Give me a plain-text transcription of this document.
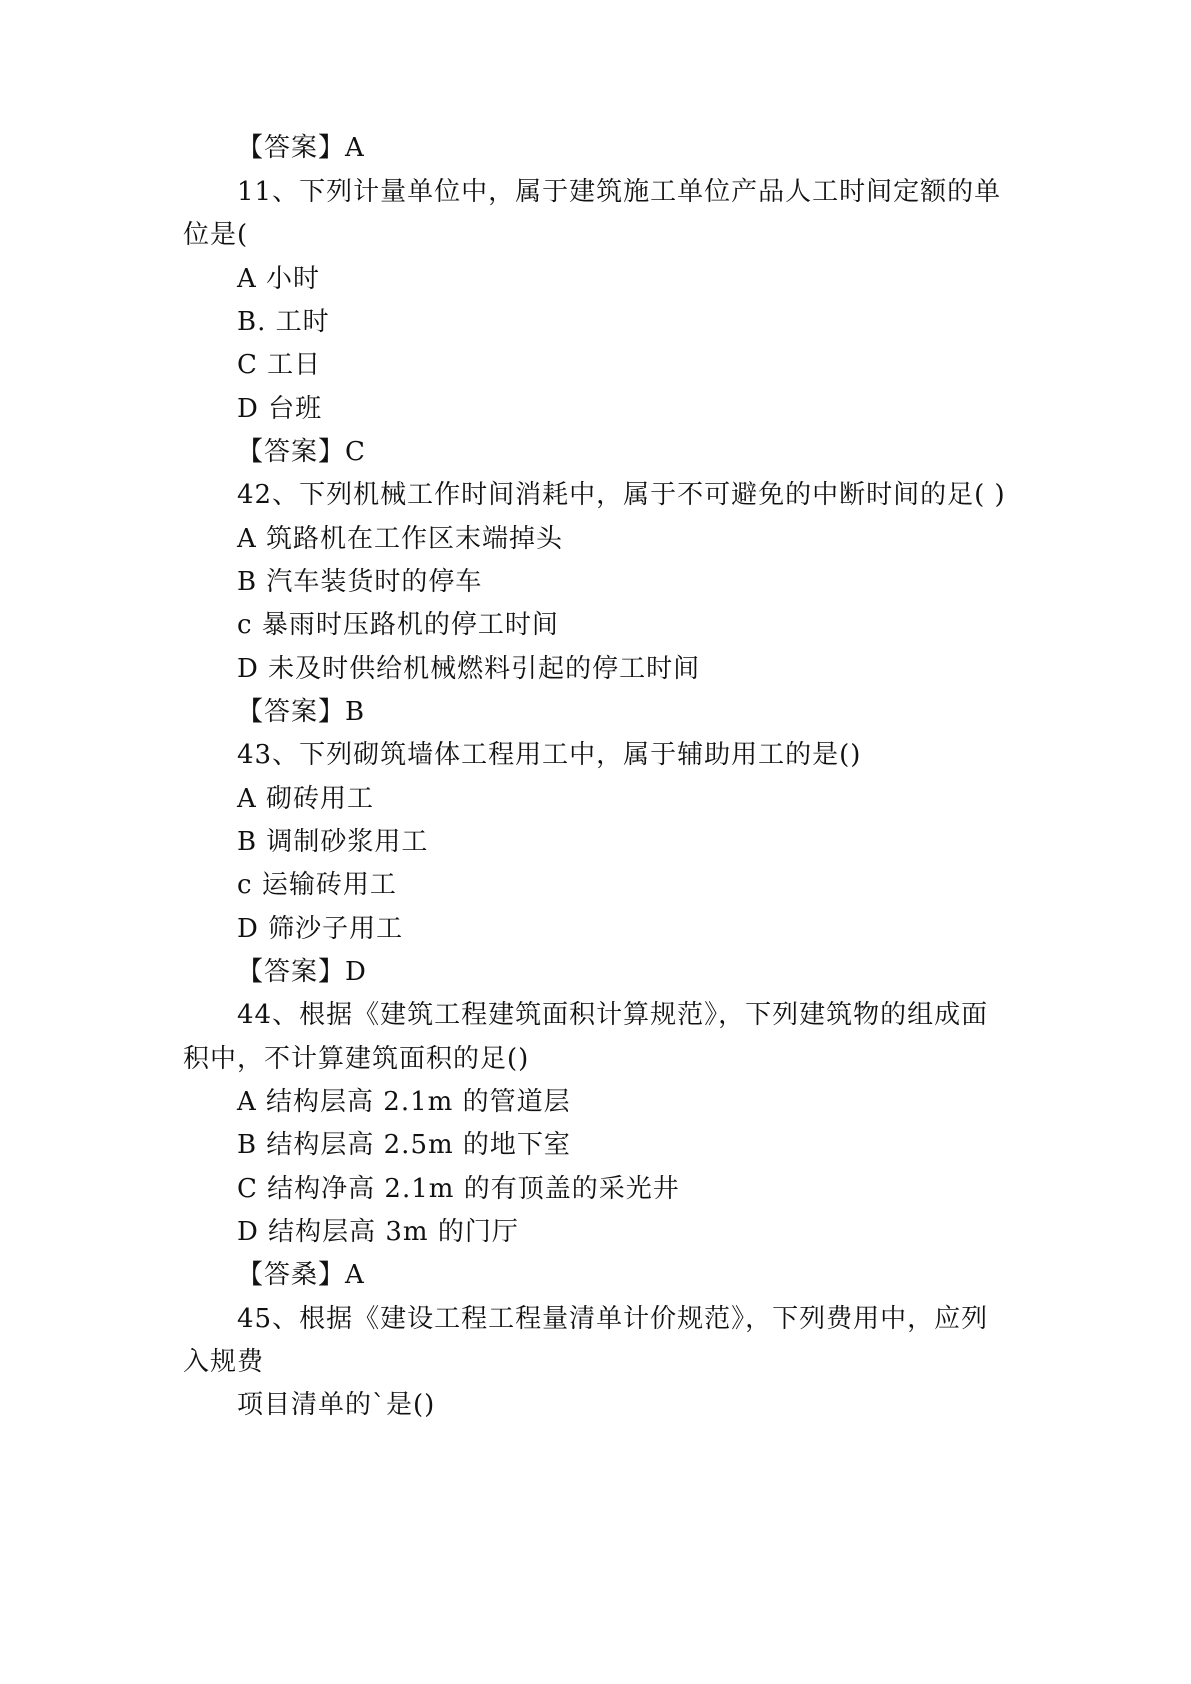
【答案】A
11、下列计量单位中，属于建筑施工单位产品人工时间定额的单
位是(
A 小时
B. 工时
C 工日
D 台班
【答案】C
42、下列机械工作时间消耗中，属于不可避免的中断时间的足( )
A 筑路机在工作区末端掉头
B 汽车装货时的停车
c 暴雨时压路机的停工时间
D 未及时供给机械燃料引起的停工时间
【答案】B
43、下列砌筑墙体工程用工中，属于辅助用工的是()
A 砌砖用工
B 调制砂浆用工
c 运输砖用工
D 筛沙子用工
【答案】D
44、根据《建筑工程建筑面积计算规范》，下列建筑物的组成面
积中，不计算建筑面积的足()
A 结构层高 2.1m 的管道层
B 结构层高 2.5m 的地下室
C 结构净高 2.1m 的有顶盖的采光井
D 结构层高 3m 的门厅
【答桑】A
45、根据《建设工程工程量清单计价规范》，下列费用中，应列
入规费
项目清单的`是()
